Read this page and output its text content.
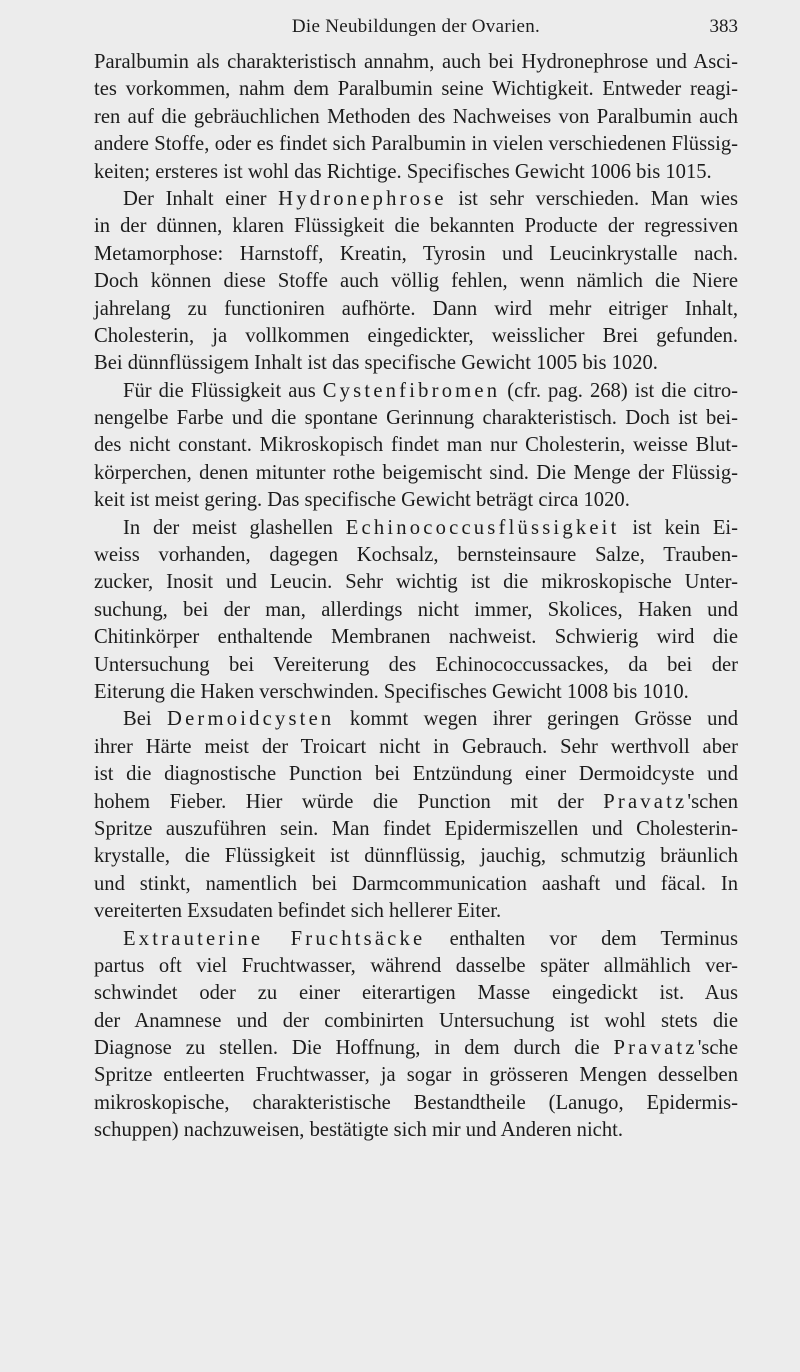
Die Neubildungen der Ovarien.	383
Paralbumin als charakteristisch annahm, auch bei Hydronephrose und Asci-
tes vorkommen, nahm dem Paralbumin seine Wichtigkeit. Entweder reagi-
ren auf die gebräuchlichen Methoden des Nachweises von Paralbumin auch
andere Stoffe, oder es findet sich Paralbumin in vielen verschiedenen Flüssig-
keiten; ersteres ist wohl das Richtige. Specifisches Gewicht 1006 bis 1015.
Der Inhalt einer Hydronephrose ist sehr verschieden. Man wies
in der dünnen, klaren Flüssigkeit die bekannten Producte der regressiven
Metamorphose: Harnstoff, Kreatin, Tyrosin und Leucinkrystalle nach.
Doch können diese Stoffe auch völlig fehlen, wenn nämlich die Niere
jahrelang zu functioniren aufhörte. Dann wird mehr eitriger Inhalt,
Cholesterin, ja vollkommen eingedickter, weisslicher Brei gefunden.
Bei dünnflüssigem Inhalt ist das specifische Gewicht 1005 bis 1020.
Für die Flüssigkeit aus Cystenfibromen (cfr. pag. 268) ist die citro-
nengelbe Farbe und die spontane Gerinnung charakteristisch. Doch ist bei-
des nicht constant. Mikroskopisch findet man nur Cholesterin, weisse Blut-
körperchen, denen mitunter rothe beigemischt sind. Die Menge der Flüssig-
keit ist meist gering. Das specifische Gewicht beträgt circa 1020.
In der meist glashellen Echinococcusflüssigkeit ist kein Ei-
weiss vorhanden, dagegen Kochsalz, bernsteinsaure Salze, Trauben-
zucker, Inosit und Leucin. Sehr wichtig ist die mikroskopische Unter-
suchung, bei der man, allerdings nicht immer, Skolices, Haken und
Chitinkörper enthaltende Membranen nachweist. Schwierig wird die
Untersuchung bei Vereiterung des Echinococcussackes, da bei der
Eiterung die Haken verschwinden. Specifisches Gewicht 1008 bis 1010.
Bei Dermoidcysten kommt wegen ihrer geringen Grösse und
ihrer Härte meist der Troicart nicht in Gebrauch. Sehr werthvoll aber
ist die diagnostische Punction bei Entzündung einer Dermoidcyste und
hohem Fieber. Hier würde die Punction mit der Pravatz'schen
Spritze auszuführen sein. Man findet Epidermiszellen und Cholesterin-
krystalle, die Flüssigkeit ist dünnflüssig, jauchig, schmutzig bräunlich
und stinkt, namentlich bei Darmcommunication aashaft und fäcal. In
vereiterten Exsudaten befindet sich hellerer Eiter.
Extrauterine Fruchtsäcke enthalten vor dem Terminus
partus oft viel Fruchtwasser, während dasselbe später allmählich ver-
schwindet oder zu einer eiterartigen Masse eingedickt ist. Aus
der Anamnese und der combinirten Untersuchung ist wohl stets die
Diagnose zu stellen. Die Hoffnung, in dem durch die Pravatz'sche
Spritze entleerten Fruchtwasser, ja sogar in grösseren Mengen desselben
mikroskopische, charakteristische Bestandtheile (Lanugo, Epidermis-
schuppen) nachzuweisen, bestätigte sich mir und Anderen nicht.
